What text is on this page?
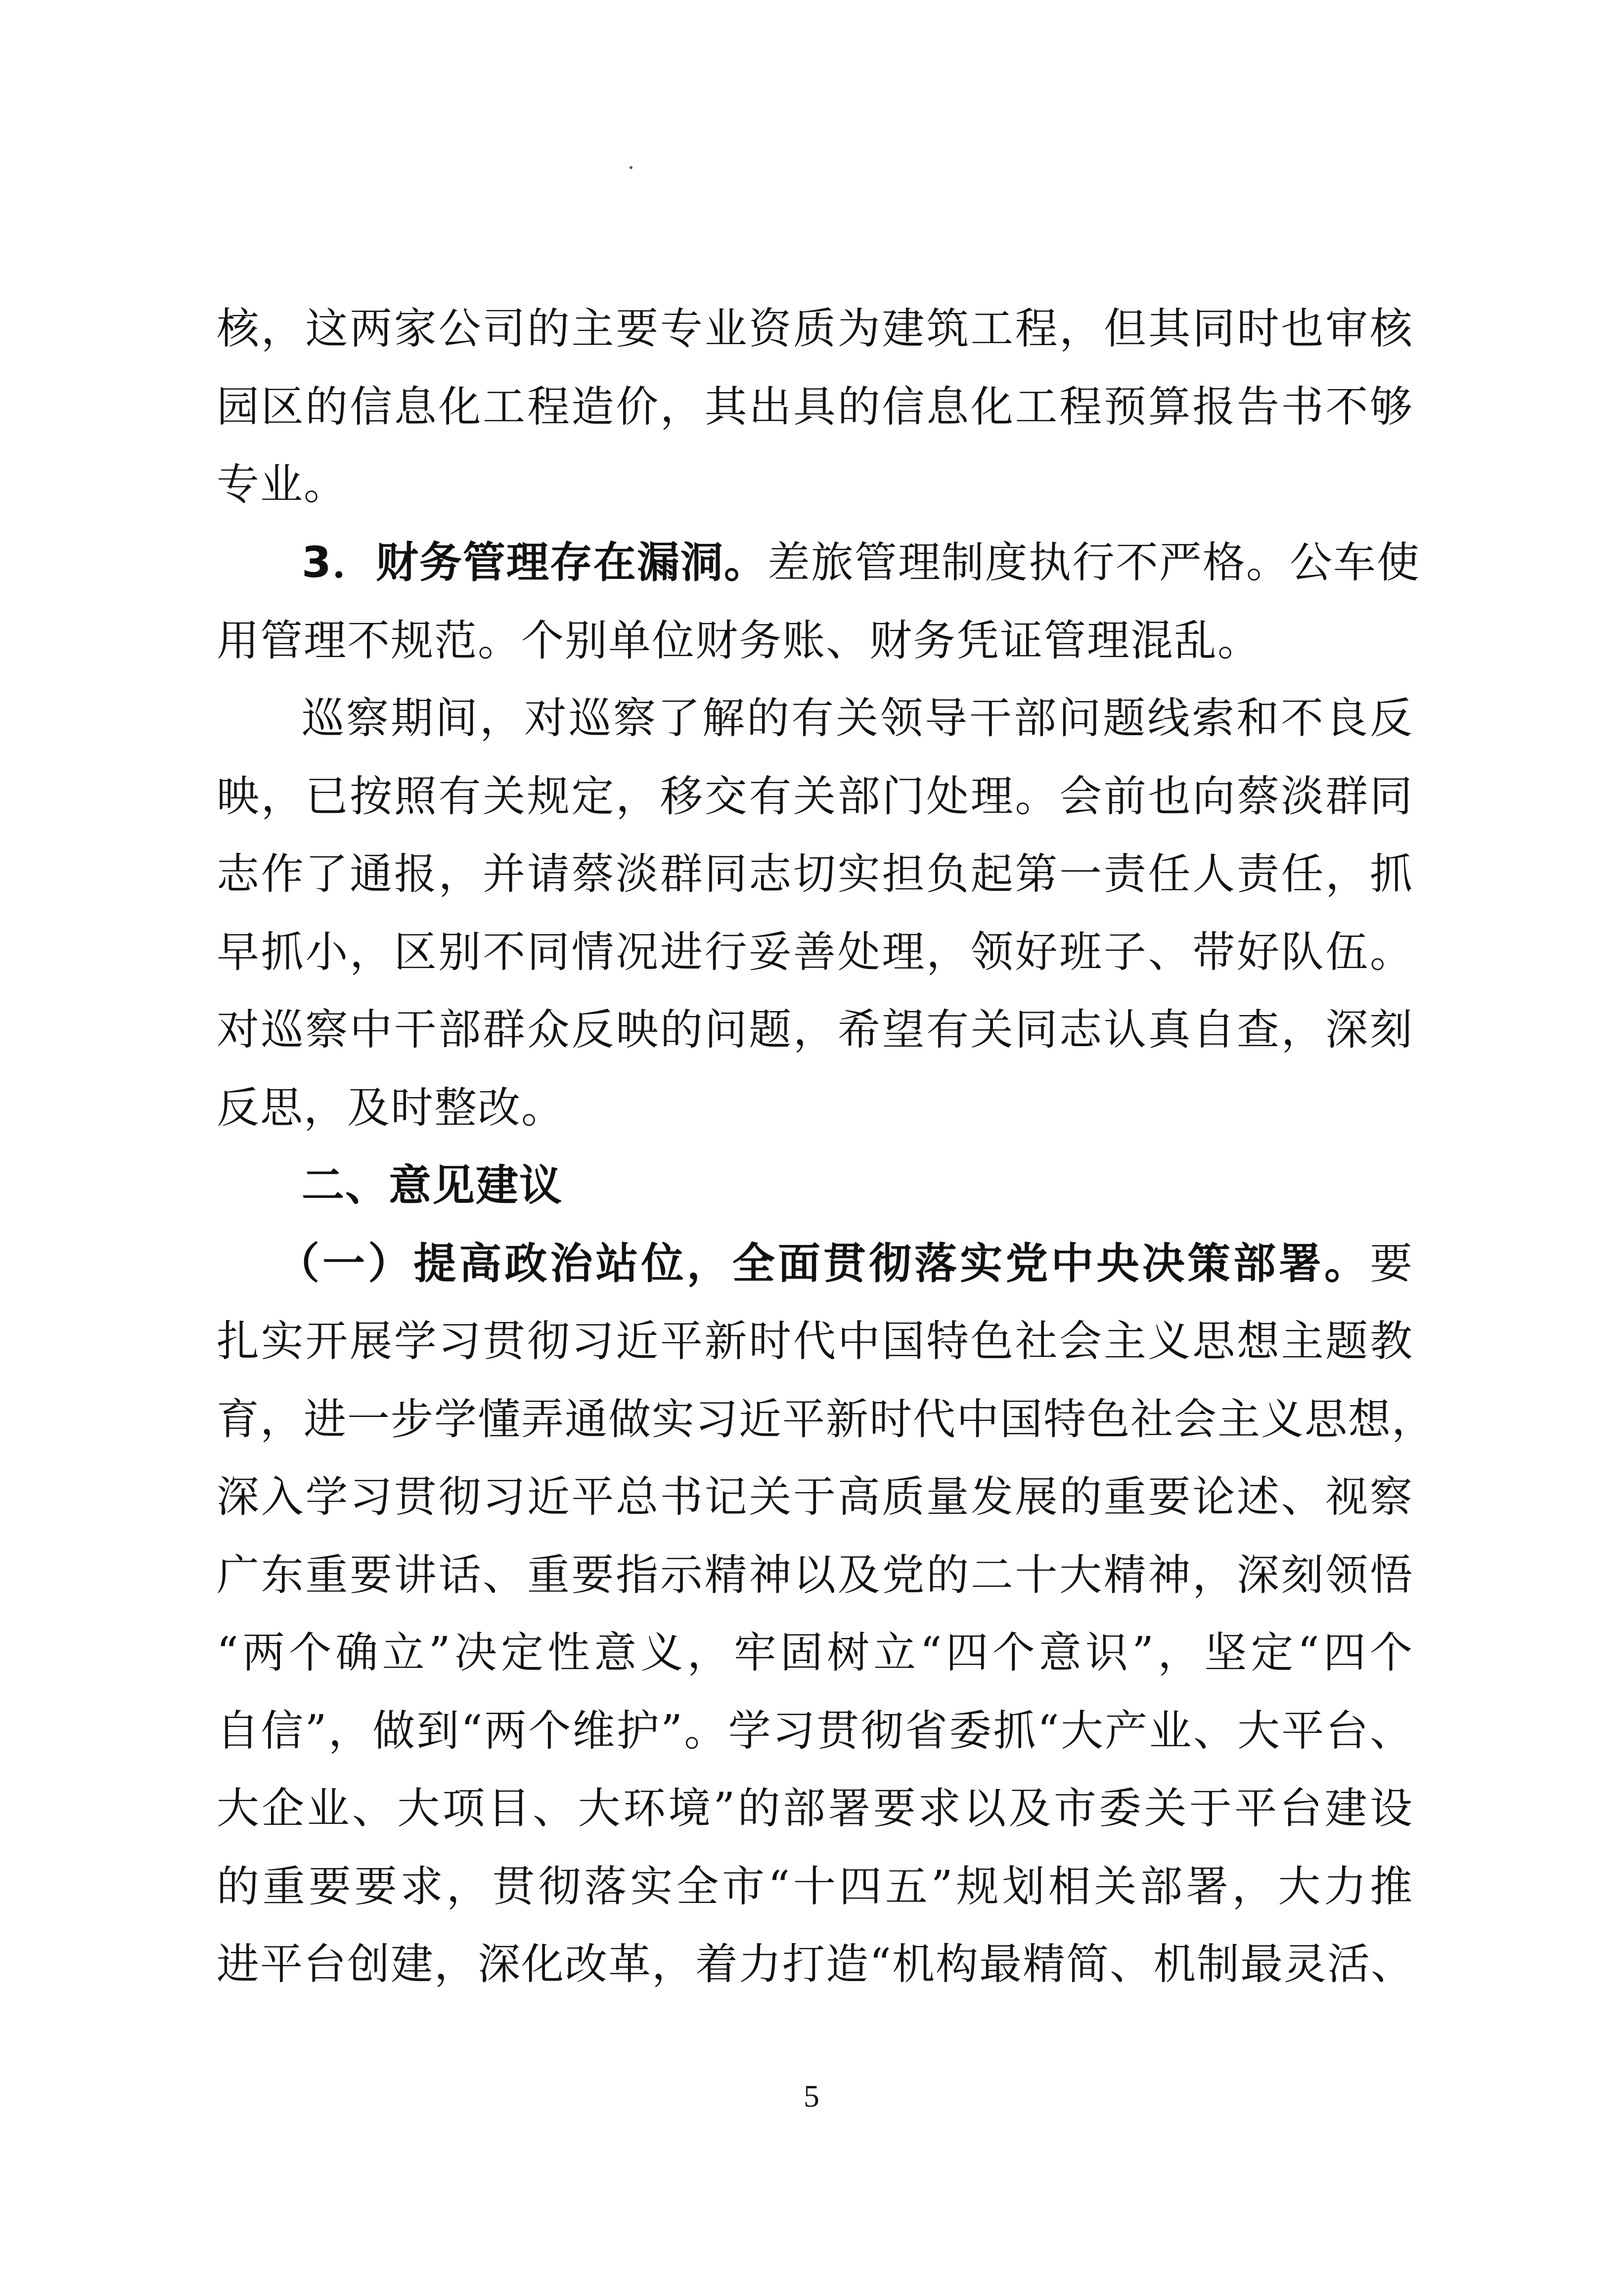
核，这两家公司的主要专业资质为建筑工程，但其同时也审核
园区的信息化工程造价，其出具的信息化工程预算报告书不够
专业。
3．财务管理存在漏洞。差旅管理制度执行不严格。公车使
用管理不规范。个别单位财务账、财务凭证管理混乱。
巡察期间，对巡察了解的有关领导干部问题线索和不良反
映，已按照有关规定，移交有关部门处理。会前也向蔡淡群同
志作了通报，并请蔡淡群同志切实担负起第一责任人责任，抓
早抓小，区别不同情况进行妥善处理，领好班子、带好队伍。
对巡察中干部群众反映的问题，希望有关同志认真自查，深刻
反思，及时整改。
二、意见建议
（一）提高政治站位，全面贯彻落实党中央决策部署。要
扎实开展学习贯彻习近平新时代中国特色社会主义思想主题教
育，进一步学懂弄通做实习近平新时代中国特色社会主义思想，
深入学习贯彻习近平总书记关于高质量发展的重要论述、视察
广东重要讲话、重要指示精神以及党的二十大精神，深刻领悟
“两个确立”决定性意义，牢固树立“四个意识”，坚定“四个
自信”，做到“两个维护”。学习贯彻省委抓“大产业、大平台、
大企业、大项目、大环境”的部署要求以及市委关于平台建设
的重要要求，贯彻落实全市“十四五”规划相关部署，大力推
进平台创建，深化改革，着力打造“机构最精简、机制最灵活、
5
